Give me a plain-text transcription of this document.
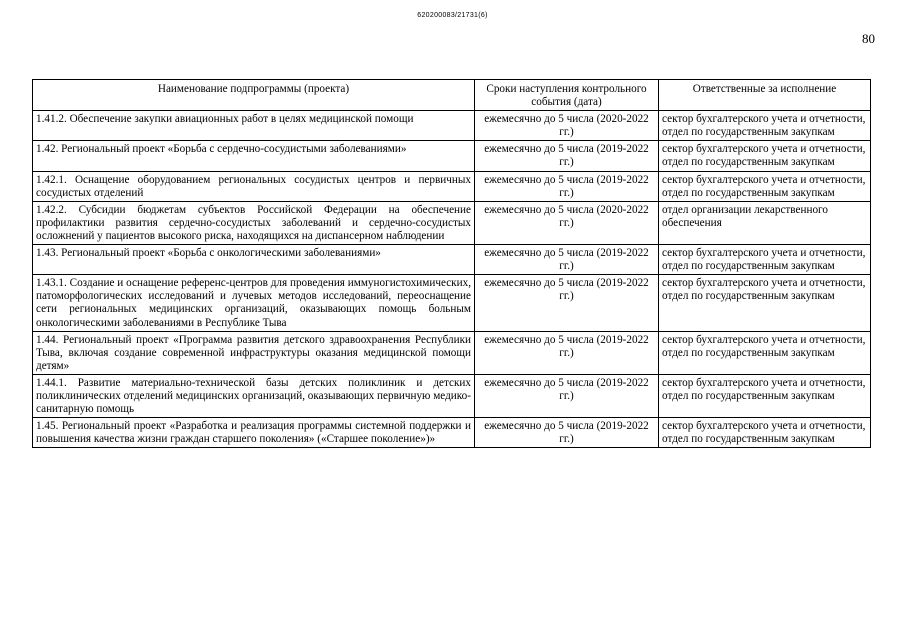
620200083/21731(6)
80
Наименование подпрограммы (проекта)	Сроки наступления контрольного события (дата)	Ответственные за исполнение
1.41.2. Обеспечение закупки авиационных работ в целях медицинской помощи	ежемесячно до 5 числа (2020-2022 гг.)	сектор бухгалтерского учета и отчетности, отдел по государственным закупкам
1.42. Региональный проект «Борьба с сердечно-сосудистыми заболеваниями»	ежемесячно до 5 числа (2019-2022 гг.)	сектор бухгалтерского учета и отчетности, отдел по государственным закупкам
1.42.1. Оснащение оборудованием региональных сосудистых центров и первичных сосудистых отделений	ежемесячно до 5 числа (2019-2022 гг.)	сектор бухгалтерского учета и отчетности, отдел по государственным закупкам
1.42.2. Субсидии бюджетам субъектов Российской Федерации на обеспечение профилактики развития сердечно-сосудистых заболеваний и сердечно-сосудистых осложнений у пациентов высокого риска, находящихся на диспансерном наблюдении	ежемесячно до 5 числа (2020-2022 гг.)	отдел организации лекарственного обеспечения
1.43. Региональный проект «Борьба с онкологическими заболеваниями»	ежемесячно до 5 числа (2019-2022 гг.)	сектор бухгалтерского учета и отчетности, отдел по государственным закупкам
1.43.1. Создание и оснащение референс-центров для проведения иммуногистохимических, патоморфологических исследований и лучевых методов исследований, переоснащение сети региональных медицинских организаций, оказывающих помощь больным онкологическими заболеваниями в Республике Тыва	ежемесячно до 5 числа (2019-2022 гг.)	сектор бухгалтерского учета и отчетности, отдел по государственным закупкам
1.44. Региональный проект «Программа развития детского здравоохранения Республики Тыва, включая создание современной инфраструктуры оказания медицинской помощи детям»	ежемесячно до 5 числа (2019-2022 гг.)	сектор бухгалтерского учета и отчетности, отдел по государственным закупкам
1.44.1. Развитие материально-технической базы детских поликлиник и детских поликлинических отделений медицинских организаций, оказывающих первичную медико-санитарную помощь	ежемесячно до 5 числа (2019-2022 гг.)	сектор бухгалтерского учета и отчетности, отдел по государственным закупкам
1.45. Региональный проект «Разработка и реализация программы системной поддержки и повышения качества жизни граждан старшего поколения» («Старшее поколение»)»	ежемесячно до 5 числа (2019-2022 гг.)	сектор бухгалтерского учета и отчетности, отдел по государственным закупкам
